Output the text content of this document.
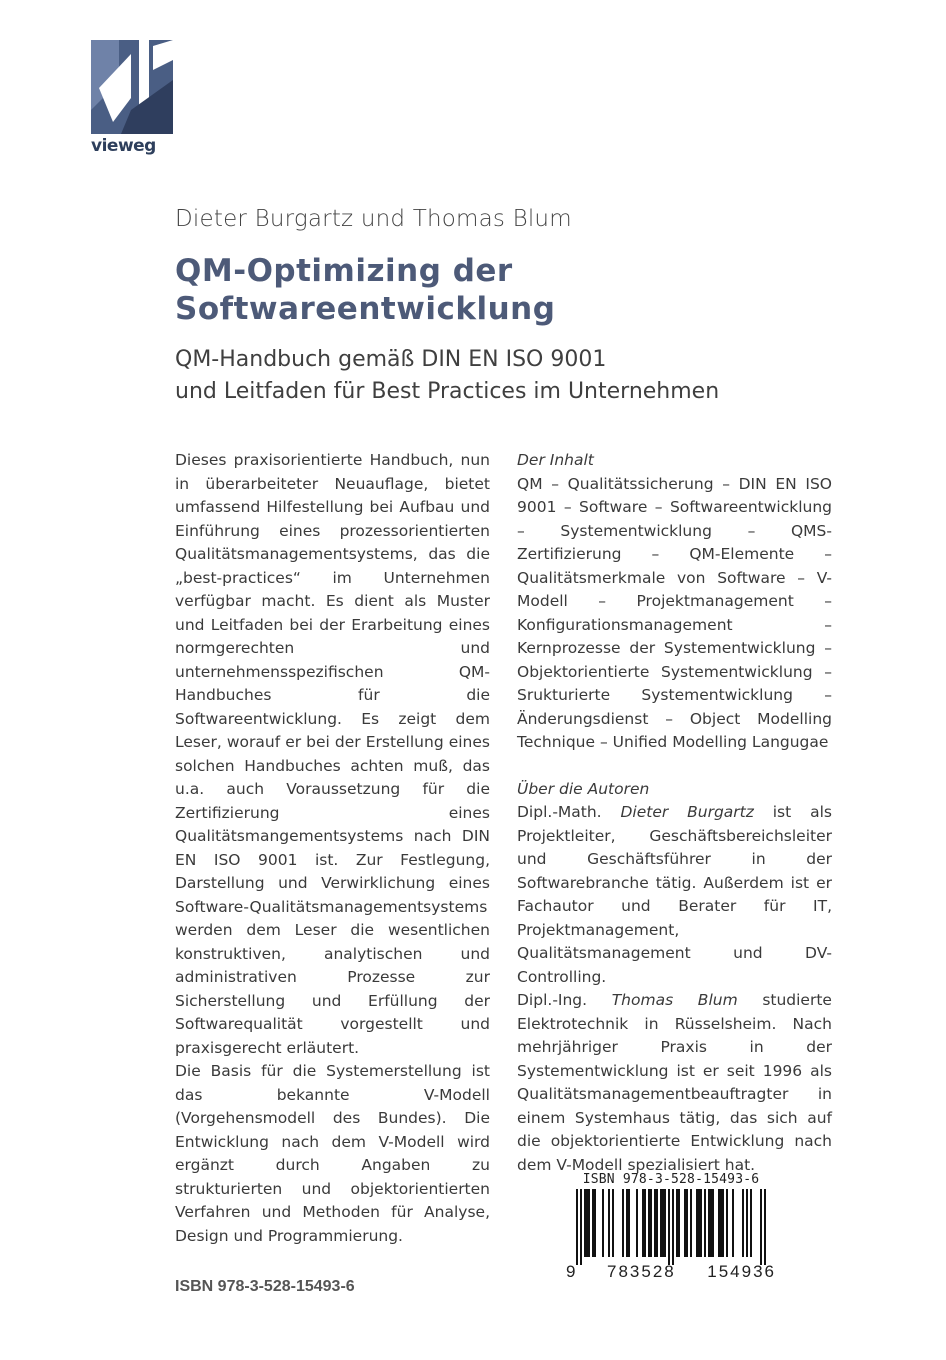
vieweg
Dieter Burgartz und Thomas Blum
QM-Optimizing der
Softwareentwicklung
QM-Handbuch gemäß DIN EN ISO 9001
und Leitfaden für Best Practices im Unternehmen

Dieses praxisorientierte Handbuch, nun in überarbeiteter Neuauflage, bietet umfassend Hilfestellung bei Aufbau und Einführung eines prozessorientierten Qualitätsmanagementsystems, das die „best-practices“ im Unternehmen verfügbar macht. Es dient als Muster und Leitfaden bei der Erarbeitung eines normgerechten und unternehmensspezifischen QM-Handbuches für die Softwareentwicklung. Es zeigt dem Leser, worauf er bei der Erstellung eines solchen Handbuches achten muß, das u.a. auch Voraussetzung für die Zertifizierung eines Qualitätsmangementsystems nach DIN EN ISO 9001 ist. Zur Festlegung, Darstellung und Verwirklichung eines Software-Qualitätsmanagementsystems werden dem Leser die wesentlichen konstruktiven, analytischen und administrativen Prozesse zur Sicherstellung und Erfüllung der Softwarequalität vorgestellt und praxisgerecht erläutert.

Die Basis für die Systemerstellung ist das bekannte V-Modell (Vorgehensmodell des Bundes). Die Entwicklung nach dem V-Modell wird ergänzt durch Angaben zu strukturierten und objektorientierten Verfahren und Methoden für Analyse, Design und Programmierung.

Der Inhalt

QM – Qualitätssicherung – DIN EN ISO 9001 – Software – Softwareentwicklung – Systementwicklung – QMS-Zertifizierung – QM-Elemente – Qualitätsmerkmale von Software – V-Modell – Projektmanagement – Konfigurationsmanagement – Kernprozesse der Systementwicklung – Objektorientierte Systementwicklung – Srukturierte Systementwicklung – Änderungsdienst – Object Modelling Technique – Unified Modelling Langugae

Über die Autoren

Dipl.-Math. Dieter Burgartz ist als Projektleiter, Geschäftsbereichsleiter und Geschäftsführer in der Softwarebranche tätig. Außerdem ist er Fachautor und Berater für IT, Projektmanagement, Qualitätsmanagement und DV-Controlling.

Dipl.-Ing. Thomas Blum studierte Elektrotechnik in Rüsselsheim. Nach mehrjähriger Praxis in der Systementwicklung ist er seit 1996 als Qualitätsmanagementbeauftragter in einem Systemhaus tätig, das sich auf die objektorientierte Entwicklung nach dem V-Modell spezialisiert hat.

ISBN 978-3-528-15493-6
9 783528 154936
ISBN 978-3-528-15493-6
